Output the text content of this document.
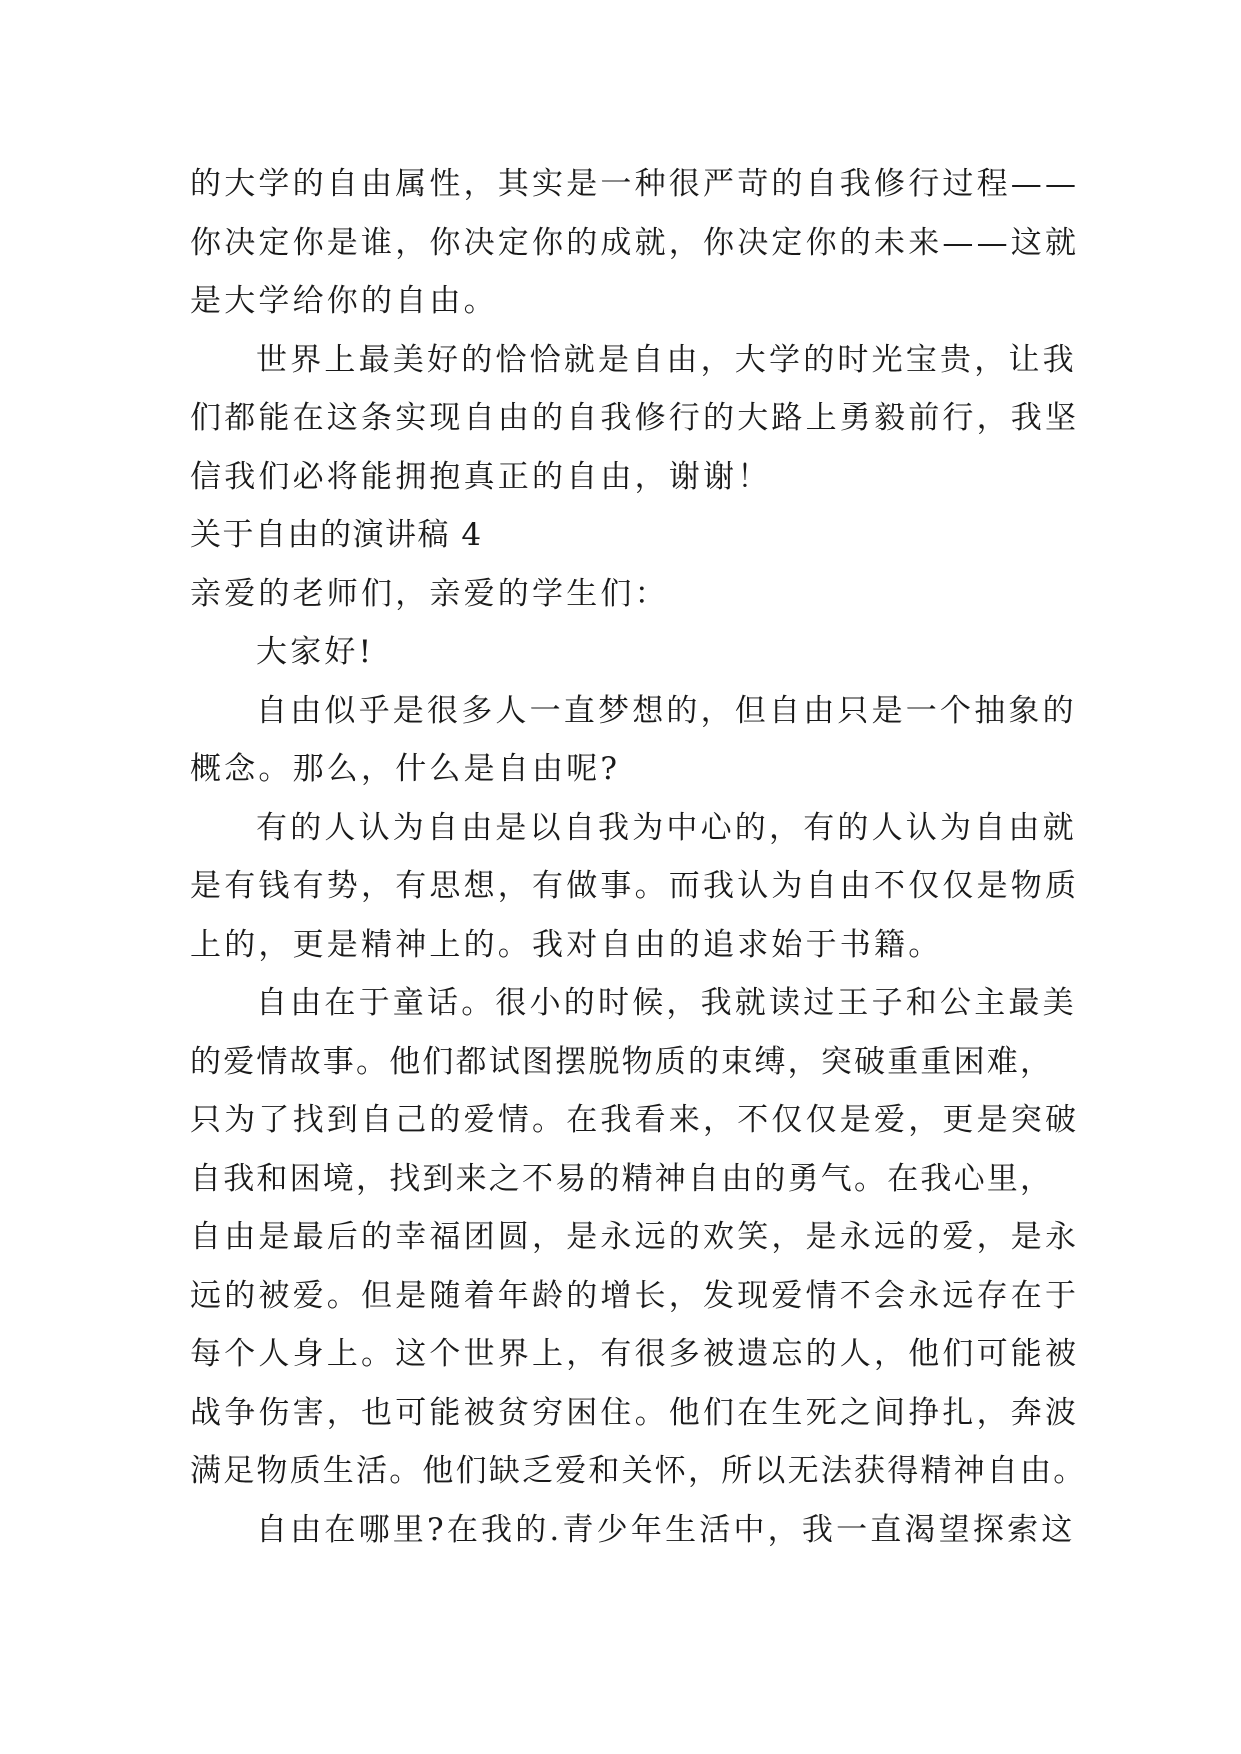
的大学的自由属性，其实是一种很严苛的自我修行过程——
你决定你是谁，你决定你的成就，你决定你的未来——这就
是大学给你的自由。
世界上最美好的恰恰就是自由，大学的时光宝贵，让我
们都能在这条实现自由的自我修行的大路上勇毅前行，我坚
信我们必将能拥抱真正的自由，谢谢！
关于自由的演讲稿 4
亲爱的老师们，亲爱的学生们：
大家好!
自由似乎是很多人一直梦想的，但自由只是一个抽象的
概念。那么，什么是自由呢?
有的人认为自由是以自我为中心的，有的人认为自由就
是有钱有势，有思想，有做事。而我认为自由不仅仅是物质
上的，更是精神上的。我对自由的追求始于书籍。
自由在于童话。很小的时候，我就读过王子和公主最美
的爱情故事。他们都试图摆脱物质的束缚，突破重重困难，
只为了找到自己的爱情。在我看来，不仅仅是爱，更是突破
自我和困境，找到来之不易的精神自由的勇气。在我心里，
自由是最后的幸福团圆，是永远的欢笑，是永远的爱，是永
远的被爱。但是随着年龄的增长，发现爱情不会永远存在于
每个人身上。这个世界上，有很多被遗忘的人，他们可能被
战争伤害，也可能被贫穷困住。他们在生死之间挣扎，奔波
满足物质生活。他们缺乏爱和关怀，所以无法获得精神自由。
自由在哪里?在我的.青少年生活中，我一直渴望探索这
